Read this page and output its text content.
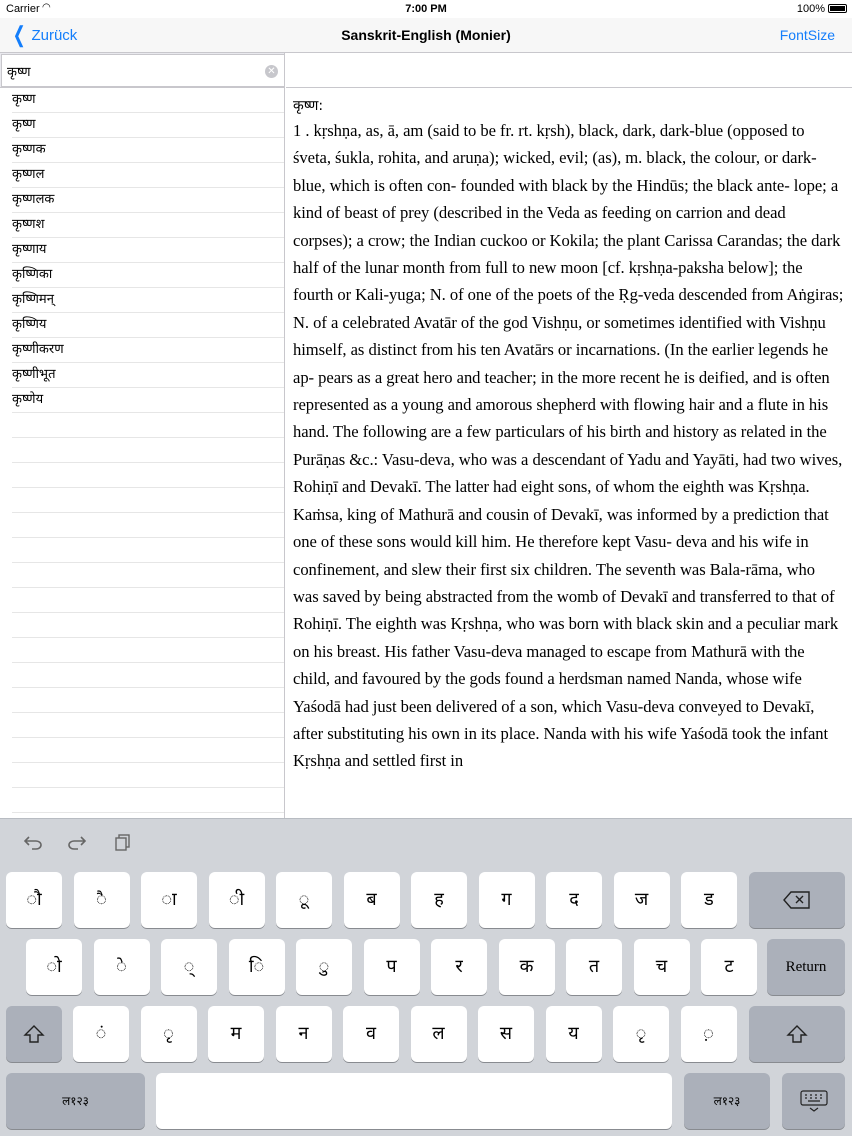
Carrier ◠	7:00 PM	100%
❮ Zurück	Sanskrit-English (Monier)	FontSize
कृष्ण
✕
कृष्ण
कृष्ण
कृष्णक
कृष्णल
कृष्णलक
कृष्णश
कृष्णाय
कृष्णिका
कृष्णिमन्
कृष्णिय
कृष्णीकरण
कृष्णीभूत
कृष्णेय
कृष्ण:
1 . kṛshṇa, as, ā, am (said to be fr. rt. kṛsh), black, dark, dark-blue (opposed to śveta, śukla, rohita, and aruṇa); wicked, evil; (as), m. black, the colour, or dark-blue, which is often con- founded with black by the Hindūs; the black ante- lope; a kind of beast of prey (described in the Veda as feeding on carrion and dead corpses); a crow; the Indian cuckoo or Kokila; the plant Carissa Carandas; the dark half of the lunar month from full to new moon [cf. kṛshṇa-paksha below]; the fourth or Kali-yuga; N. of one of the poets of the Ṛg-veda descended from Aṅgiras; N. of a celebrated Avatār of the god Vishṇu, or sometimes identified with Vishṇu himself, as distinct from his ten Avatārs or incarnations. (In the earlier legends he ap- pears as a great hero and teacher; in the more recent he is deified, and is often represented as a young and amorous shepherd with flowing hair and a flute in his hand. The following are a few particulars of his birth and history as related in the Purāṇas &c.: Vasu-deva, who was a descendant of Yadu and Yayāti, had two wives, Rohiṇī and Devakī. The latter had eight sons, of whom the eighth was Kṛshṇa. Kaṁsa, king of Mathurā and cousin of Devakī, was informed by a prediction that one of these sons would kill him. He therefore kept Vasu- deva and his wife in confinement, and slew their first six children. The seventh was Bala-rāma, who was saved by being abstracted from the womb of Devakī and transferred to that of Rohiṇī. The eighth was Kṛshṇa, who was born with black skin and a peculiar mark on his breast. His father Vasu-deva managed to escape from Mathurā with the child, and favoured by the gods found a herdsman named Nanda, whose wife Yaśodā had just been delivered of a son, which Vasu-deva conveyed to Devakī, after substituting his own in its place. Nanda with his wife Yaśodā took the infant Kṛshṇa and settled first in
ौ	ै	ा	ी	ू	ब	ह	ग	द	ज	ड
ो	े	्	ि	ु	प	र	क	त	च	ट	Return
ं	ृ	म	न	व	ल	स	य	ृ	़
ल१२३	ल१२३
